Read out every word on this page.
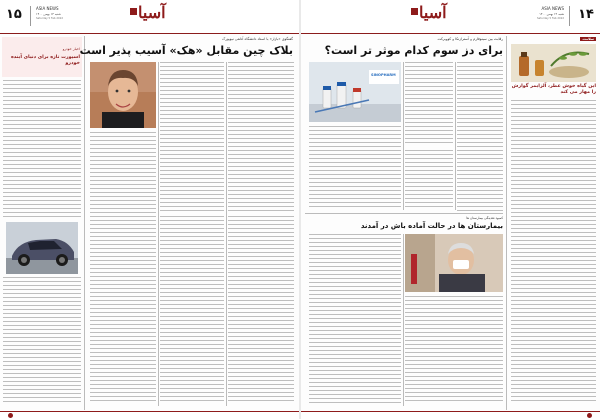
۱۵	ASIA NEWS
شنبه ۱۴ بهمن ۱۴۰۰
Saturday 5 Feb 2022	آسیا
اسپورت تازه برای دنیای آینده خودرو
اخبار خودرو
گفتگوی «بازار» با استاد دانشگاه آدلفی نیویورک
بلاک چین مقابل «هک» آسیب پذیر است
۱۴
ASIA NEWS
شنبه ۱۴ بهمن ۱۴۰۰
Saturday 5 Feb 2022
آسیا
رقابت بین سینوفارم و آسترازنکا و کووبرکت
برای دز سوم کدام موثر تر است؟
SINOPHARM
کمبود نقدینگی بیمارستان ها
بیمارستان ها در حالت آماده باش در آمدند
سلامت
این گیاه خوش عطر، آلزایمر گوارش را مهار می کند
